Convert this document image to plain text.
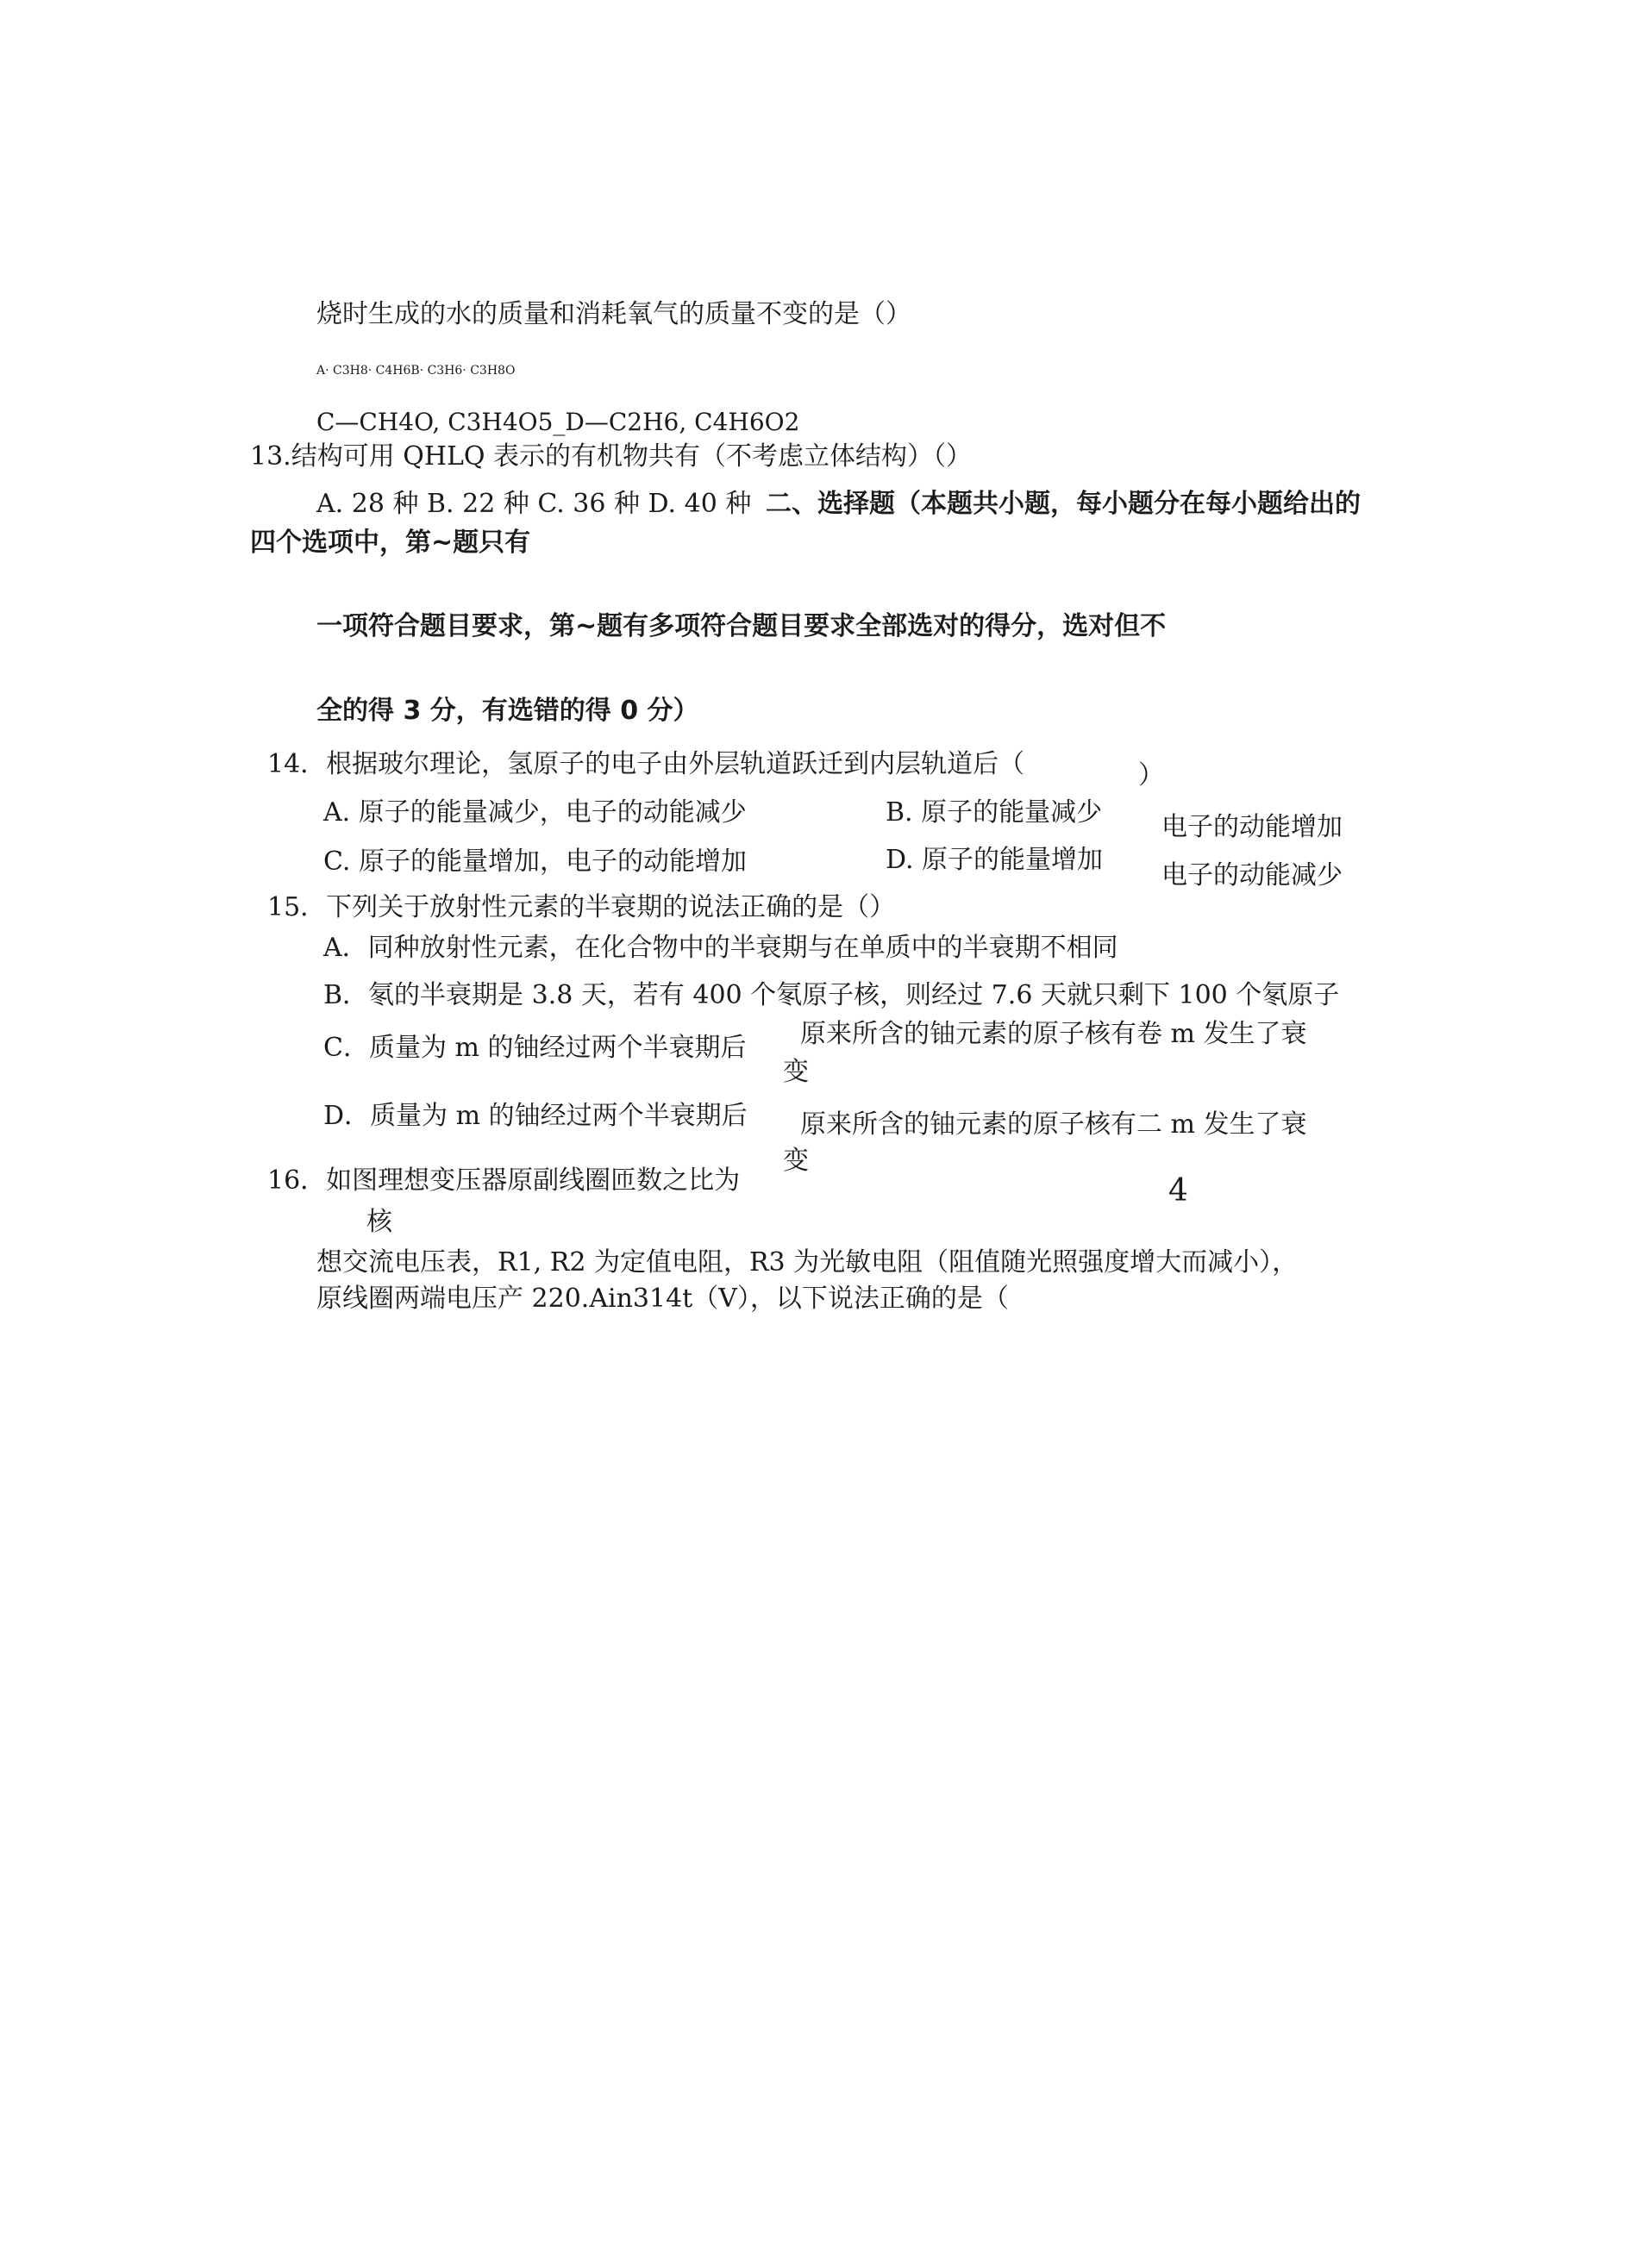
烧时生成的水的质量和消耗氧气的质量不变的是（）
A· C3H8· C4H6B· C3H6· C3H8O
C—CH4O, C3H4O5_D—C2H6, C4H6O2
13.结构可用 QHLQ 表示的有机物共有（不考虑立体结构）（）
A. 28 种 B. 22 种 C. 36 种 D. 40 种 二、选择题（本题共小题，每小题分在每小题给出的
四个选项中，第~题只有
一项符合题目要求，第~题有多项符合题目要求全部选对的得分，选对但不
全的得 3 分，有选错的得 0 分）
14．根据玻尔理论，氢原子的电子由外层轨道跃迁到内层轨道后（	）
A. 原子的能量减少，电子的动能减少	B. 原子的能量减少 电子的动能增加
C. 原子的能量增加，电子的动能增加	D. 原子的能量增加
电子的动能减少
15．下列关于放射性元素的半衰期的说法正确的是（）
A．同种放射性元素，在化合物中的半衰期与在单质中的半衰期不相同
B．氡的半衰期是 3.8 天，若有 400 个氡原子核，则经过 7.6 天就只剩下 100 个氡原子
C．质量为 m 的铀经过两个半衰期后 原来所含的铀元素的原子核有卷 m 发生了衰
变
D．质量为 m 的铀经过两个半衰期后 原来所含的铀元素的原子核有二 m 发生了衰
变
16．如图理想变压器原副线圈匝数之比为	4
核
想交流电压表，R1, R2 为定值电阻，R3 为光敏电阻（阻值随光照强度增大而减小），
原线圈两端电压产 220.Ain314t（V），以下说法正确的是（
